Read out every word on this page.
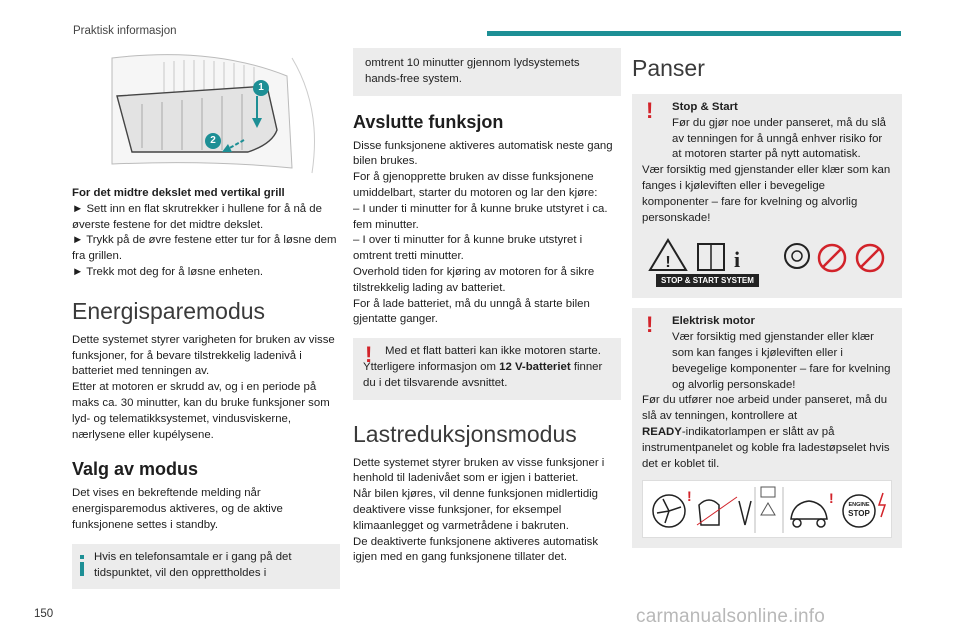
Praktisk informasjon
1
2

For det midtre dekslet med vertikal grill

► Sett inn en flat skrutrekker i hullene for å nå de øverste festene for det midtre dekslet.

► Trykk på de øvre festene etter tur for å løsne dem fra grillen.

► Trekk mot deg for å løsne enheten.

Energisparemodus

Dette systemet styrer varigheten for bruken av visse funksjoner, for å bevare tilstrekkelig ladenivå i batteriet med tenningen av.

Etter at motoren er skrudd av, og i en periode på maks ca. 30 minutter, kan du bruke funksjoner som lyd- og telematikksystemet, vindusviskerne, nærlysene eller kupélysene.

Valg av modus

Det vises en bekreftende melding når energisparemodus aktiveres, og de aktive funksjonene settes i standby.

Hvis en telefonsamtale er i gang på det tidspunktet, vil den opprettholdes i

omtrent 10 minutter gjennom lydsystemets hands-free system.

Avslutte funksjon

Disse funksjonene aktiveres automatisk neste gang bilen brukes.

For å gjenopprette bruken av disse funksjonene umiddelbart, starter du motoren og lar den kjøre:

– I under ti minutter for å kunne bruke utstyret i ca. fem minutter.

– I over ti minutter for å kunne bruke utstyret i omtrent tretti minutter.

Overhold tiden for kjøring av motoren for å sikre tilstrekkelig lading av batteriet.

For å lade batteriet, må du unngå å starte bilen gjentatte ganger.

!	Med et flatt batteri kan ikke motoren starte.

Ytterligere informasjon om 12 V-batteriet finner du i det tilsvarende avsnittet.

Lastreduksjonsmodus

Dette systemet styrer bruken av visse funksjoner i henhold til ladenivået som er igjen i batteriet.

Når bilen kjøres, vil denne funksjonen midlertidig deaktivere visse funksjoner, for eksempel klimaanlegget og varmetrådene i bakruten.

De deaktiverte funksjonene aktiveres automatisk igjen med en gang funksjonene tillater det.

Panser
!	Stop & Start

Før du gjør noe under panseret, må du slå av tenningen for å unngå enhver risiko for at motoren starter på nytt automatisk.

Vær forsiktig med gjenstander eller klær som kan fanges i kjøleviften eller i bevegelige komponenter – fare for kvelning og alvorlig personskade!

!	i
STOP & START SYSTEM
!	Elektrisk motor

Vær forsiktig med gjenstander eller klær som kan fanges i kjøleviften eller i bevegelige komponenter – fare for kvelning og alvorlig personskade!

Før du utfører noe arbeid under panseret, må du slå av tenningen, kontrollere at

READY-indikatorlampen er slått av på instrumentpanelet og koble fra ladestøpselet hvis det er koblet til.

!	!	ENGINE
STOP
150	carmanualsonline.info
